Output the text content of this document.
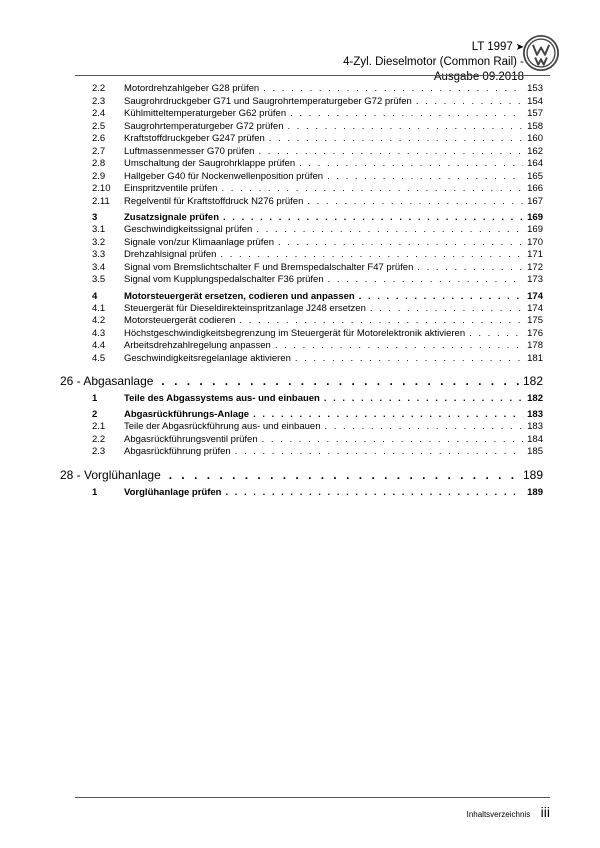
LT 1997 ➤
4-Zyl. Dieselmotor (Common Rail) - Ausgabe 09.2018
2.2	Motordrehzahlgeber G28 prüfen . . .	153
2.3	Saugrohrdruckgeber G71 und Saugrohrtemperaturgeber G72 prüfen . . .	154
2.4	Kühlmitteltemperaturgeber G62 prüfen . . .	157
2.5	Saugrohrtemperaturgeber G72 prüfen . . .	158
2.6	Kraftstoffdruckgeber G247 prüfen . . .	160
2.7	Luftmassenmesser G70 prüfen . . .	162
2.8	Umschaltung der Saugrohrklappe prüfen . . .	164
2.9	Hallgeber G40 für Nockenwellenposition prüfen . . .	165
2.10	Einspritzventile prüfen . . .	166
2.11	Regelventil für Kraftstoffdruck N276 prüfen . . .	167
3	Zusatzsignale prüfen . . .	169
3.1	Geschwindigkeitssignal prüfen . . .	169
3.2	Signale von/zur Klimaanlage prüfen . . .	170
3.3	Drehzahlsignal prüfen . . .	171
3.4	Signal vom Bremslichtschalter F und Bremspedalschalter F47 prüfen . . .	172
3.5	Signal vom Kupplungspedalschalter F36 prüfen . . .	173
4	Motorsteuergerät ersetzen, codieren und anpassen . . .	174
4.1	Steuergerät für Dieseldirekteinspritzanlage J248 ersetzen . . .	174
4.2	Motorsteuergerät codieren . . .	175
4.3	Höchstgeschwindigkeitsbegrenzung im Steuergerät für Motorelektronik aktivieren . . .	176
4.4	Arbeitsdrehzahlregelung anpassen . . .	178
4.5	Geschwindigkeitsregelanlage aktivieren . . .	181
26 - Abgasanlage . . .	182
1	Teile des Abgassystems aus- und einbauen . . .	182
2	Abgasrückführungs-Anlage . . .	183
2.1	Teile der Abgasrückführung aus- und einbauen . . .	183
2.2	Abgasrückführungsventil prüfen . . .	184
2.3	Abgasrückführung prüfen . . .	185
28 - Vorglühanlage . . .	189
1	Vorglühanlage prüfen . . .	189
Inhaltsverzeichnis iii
